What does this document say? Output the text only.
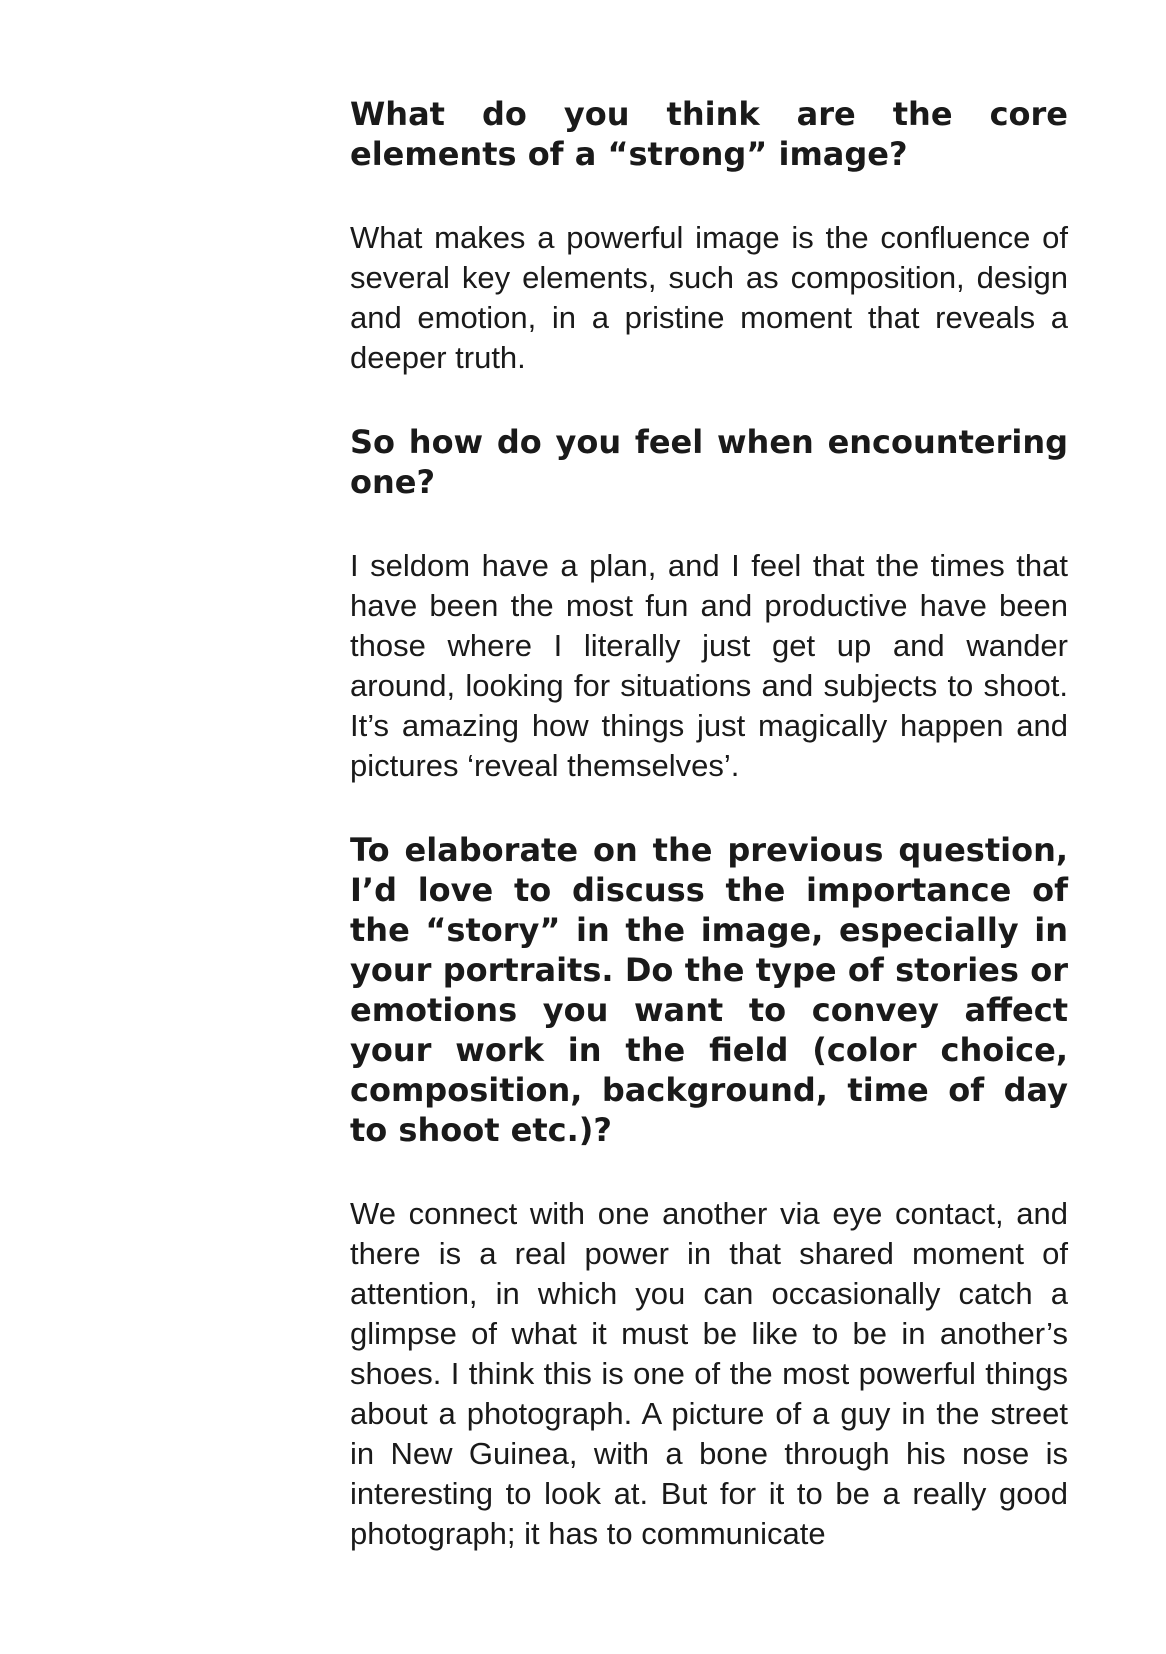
What do you think are the core elements of a “strong” image?

What makes a powerful image is the confluence of several key elements, such as composition, design and emotion, in a pristine moment that reveals a deeper truth.

So how do you feel when encountering one?

I seldom have a plan, and I feel that the times that have been the most fun and productive have been those where I literally just get up and wander around, looking for situations and subjects to shoot. It’s amazing how things just magically happen and pictures ‘reveal themselves’.

To elaborate on the previous question, I’d love to discuss the importance of the “story” in the image, especially in your portraits. Do the type of stories or emotions you want to convey affect your work in the field (color choice, composition, background, time of day to shoot etc.)?

We connect with one another via eye contact, and there is a real power in that shared moment of attention, in which you can occasionally catch a glimpse of what it must be like to be in another’s shoes. I think this is one of the most powerful things about a photograph. A picture of a guy in the street in New Guinea, with a bone through his nose is interesting to look at. But for it to be a really good photograph; it has to communicate
